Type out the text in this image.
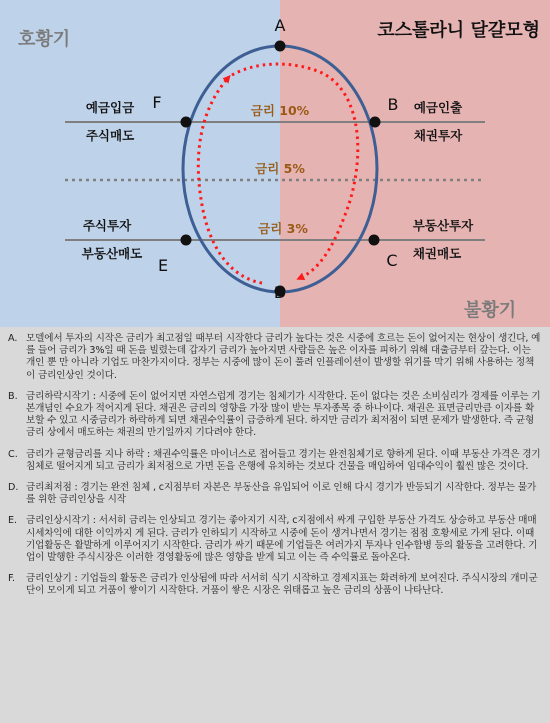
호황기
불황기
코스톨라니 달걀모형
A
B
C
D
E
F	금리 10%
금리 5%
금리 3%
예금입금
주식매도
예금인출
채권투자
주식투자
부동산매도
부동산투자
채권매도
A. 모델에서 투자의 시작은 금리가 최고점일 때부터 시작한다 금리가 높다는 것은 시중에 흐르는 돈이 없어지는 현상이 생긴다, 예를 들어 금리가 3%일 때 돈을 빌렸는데 갑자기 금리가 높아지면 사람들은 높은 이자를 피하기 위해 대출금부터 갚는다. 이는 개인 뿐 만 아니라 기업도 마찬가지이다. 정부는 시중에 많이 돈이 풀려 인플레이션이 발생할 위기를 막기 위해 사용하는 정책이 금리인상인 것이다.
B. 금리하락시작기 : 시중에 돈이 없어지면 자연스럽게 경기는 침체기가 시작한다. 돈이 없다는 것은 소비심리가 경제를 이루는 기본개념인 수요가 적어지게 된다. 채권은 금리의 영향을 가장 많이 받는 투자종목 중 하나이다. 채권은 표면금리만큼 이자를 확보할 수 있고 시중금리가 하락하게 되면 채권수익률이 급증하게 된다. 하지만 금리가 최저점이 되면 문제가 발생한다. 즉 균형금리 상에서 매도하는 채권의 만기일까지 기다려야 한다.
C. 금리가 균형금리를 지나 하락 : 채권수익률은 마이너스로 접어들고 경기는 완전침체기로 향하게 된다. 이때 부동산 가격은 경기침체로 떨어지게 되고 금리가 최저점으로 가면 돈을 은행에 유치하는 것보다 건물을 매입하여 임대수익이 훨씬 많은 것이다.
D. 금리최저점 : 경기는 완전 침체 , c지점부터 자본은 부동산을 유입되어 이로 인해 다시 경기가 반등되기 시작한다. 정부는 물가를 위한 금리인상을 시작
E. 금리인상시작기 : 서서히 금리는 인상되고 경기는 좋아지기 시작, c지점에서 싸게 구입한 부동산 가격도 상승하고 부동산 매매시세차익에 대한 이익까지 게 된다. 금리가 인하되기 시작하고 시중에 돈이 생겨나면서 경기는 점점 호황세로 가게 된다. 이때 기업활동은 활발하게 이루어지기 시작한다. 금리가 싸기 때문에 기업들은 여러가지 투자나 인수합병 등의 활동을 고려한다. 기업이 발행한 주식시장은 이러한 경영활동에 많은 영향을 받게 되고 이는 즉 수익률로 돌아온다.
F.	금리인상기 : 기업들의 활동은 금리가 인상됨에 따라 서서히 식기 시작하고 경제지표는 화려하게 보여진다. 주식시장의 개미군단이 모이게 되고 거품이 쌓이기 시작한다. 거품이 쌓은 시장은 위태롭고 높은 금리의 상품이 나타난다.
